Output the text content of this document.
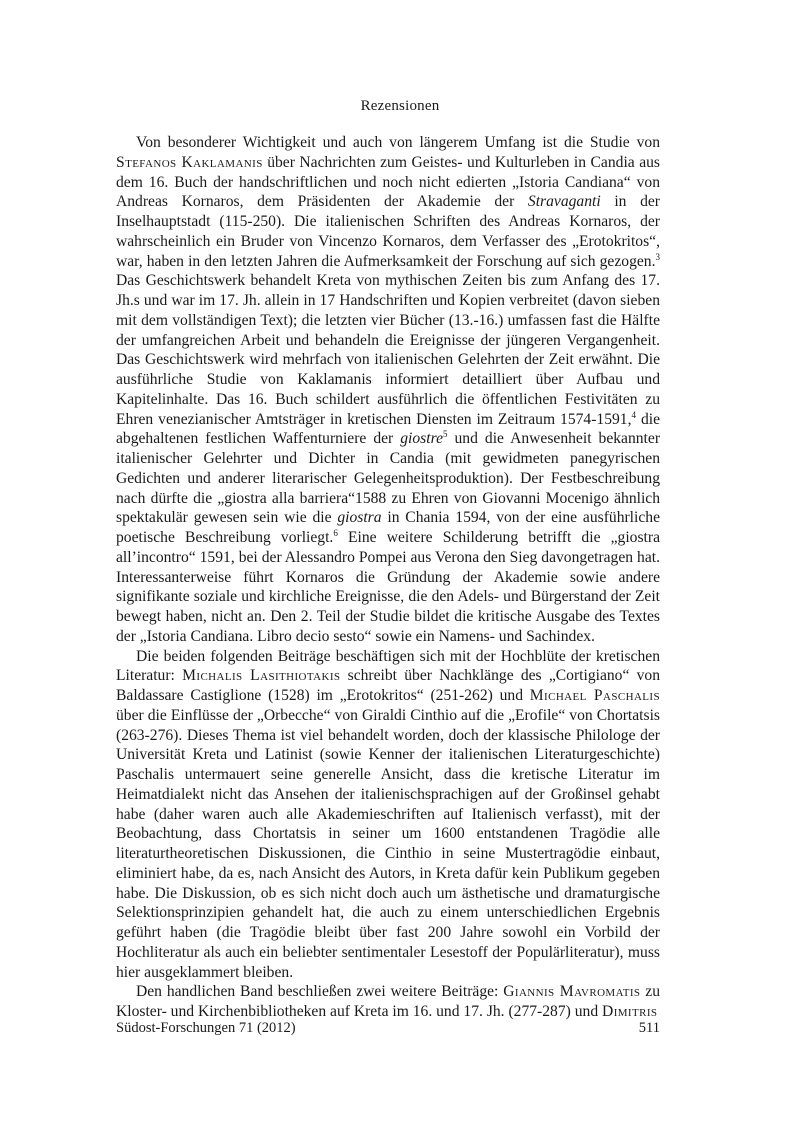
Rezensionen

Von besonderer Wichtigkeit und auch von längerem Umfang ist die Studie von Stefanos Kaklamanis über Nachrichten zum Geistes- und Kulturleben in Candia aus dem 16. Buch der handschriftlichen und noch nicht edierten „Istoria Candiana“ von Andreas Kornaros, dem Präsidenten der Akademie der Stravaganti in der Inselhauptstadt (115-250). Die italienischen Schriften des Andreas Kornaros, der wahrscheinlich ein Bruder von Vincenzo Kornaros, dem Verfasser des „Erotokritos“, war, haben in den letzten Jahren die Aufmerksamkeit der Forschung auf sich gezogen.$^3$ Das Geschichtswerk behandelt Kreta von mythischen Zeiten bis zum Anfang des 17. Jh.s und war im 17. Jh. allein in 17 Handschriften und Kopien verbreitet (davon sieben mit dem vollständigen Text); die letzten vier Bücher (13.-16.) umfassen fast die Hälfte der umfangreichen Arbeit und behandeln die Ereignisse der jüngeren Vergangenheit. Das Geschichtswerk wird mehrfach von italienischen Gelehrten der Zeit erwähnt. Die ausführliche Studie von Kaklamanis informiert detailliert über Aufbau und Kapitelinhalte. Das 16. Buch schildert ausführlich die öffentlichen Festivitäten zu Ehren venezianischer Amtsträger in kretischen Diensten im Zeitraum 1574-1591,$^4$ die abgehaltenen festlichen Waffenturniere der giostre$^5$ und die Anwesenheit bekannter italienischer Gelehrter und Dichter in Candia (mit gewidmeten panegyrischen Gedichten und anderer literarischer Gelegenheitsproduktion). Der Festbeschreibung nach dürfte die „giostra alla barriera“1588 zu Ehren von Giovanni Mocenigo ähnlich spektakulär gewesen sein wie die giostra in Chania 1594, von der eine ausführliche poetische Beschreibung vorliegt.$^6$ Eine weitere Schilderung betrifft die „giostra all’incontro“ 1591, bei der Alessandro Pompei aus Verona den Sieg davongetragen hat. Interessanterweise führt Kornaros die Gründung der Akademie sowie andere signifikante soziale und kirchliche Ereignisse, die den Adels- und Bürgerstand der Zeit bewegt haben, nicht an. Den 2. Teil der Studie bildet die kritische Ausgabe des Textes der „Istoria Candiana. Libro decio sesto“ sowie ein Namens- und Sachindex.

Die beiden folgenden Beiträge beschäftigen sich mit der Hochblüte der kretischen Literatur: Michalis Lasithiotakis schreibt über Nachklänge des „Cortigiano“ von Baldassare Castiglione (1528) im „Erotokritos“ (251-262) und Michael Paschalis über die Einflüsse der „Orbecche“ von Giraldi Cinthio auf die „Erofile“ von Chortatsis (263-276). Dieses Thema ist viel behandelt worden, doch der klassische Philologe der Universität Kreta und Latinist (sowie Kenner der italienischen Literaturgeschichte) Paschalis untermauert seine generelle Ansicht, dass die kretische Literatur im Heimatdialekt nicht das Ansehen der italienischsprachigen auf der Großinsel gehabt habe (daher waren auch alle Akademieschriften auf Italienisch verfasst), mit der Beobachtung, dass Chortatsis in seiner um 1600 entstandenen Tragödie alle literaturtheoretischen Diskussionen, die Cinthio in seine Mustertragödie einbaut, eliminiert habe, da es, nach Ansicht des Autors, in Kreta dafür kein Publikum gegeben habe. Die Diskussion, ob es sich nicht doch auch um ästhetische und dramaturgische Selektionsprinzipien gehandelt hat, die auch zu einem unterschiedlichen Ergebnis geführt haben (die Tragödie bleibt über fast 200 Jahre sowohl ein Vorbild der Hochliteratur als auch ein beliebter sentimentaler Lesestoff der Populärliteratur), muss hier ausgeklammert bleiben.

Den handlichen Band beschließen zwei weitere Beiträge: Giannis Mavromatis zu Kloster- und Kirchenbibliotheken auf Kreta im 16. und 17. Jh. (277-287) und Dimitris

Südost-Forschungen 71 (2012)	511
